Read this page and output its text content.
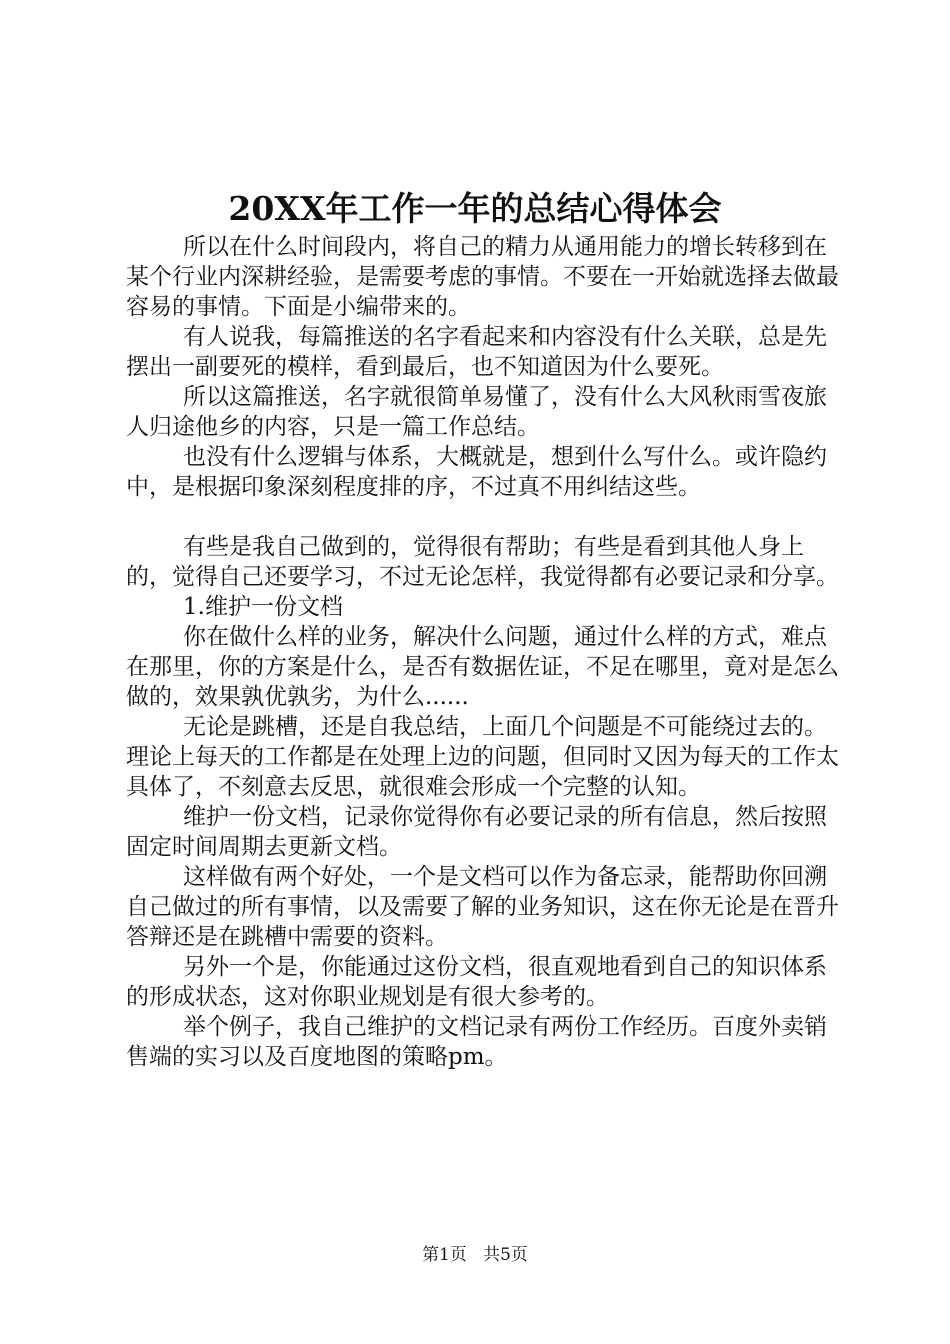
20XX年工作一年的总结心得体会

所以在什么时间段内，将自己的精力从通用能力的增长转移到在某个行业内深耕经验，是需要考虑的事情。不要在一开始就选择去做最容易的事情。下面是小编带来的。

有人说我，每篇推送的名字看起来和内容没有什么关联，总是先摆出一副要死的模样，看到最后，也不知道因为什么要死。

所以这篇推送，名字就很简单易懂了，没有什么大风秋雨雪夜旅人归途他乡的内容，只是一篇工作总结。

也没有什么逻辑与体系，大概就是，想到什么写什么。或许隐约中，是根据印象深刻程度排的序，不过真不用纠结这些。

有些是我自己做到的，觉得很有帮助；有些是看到其他人身上的，觉得自己还要学习，不过无论怎样，我觉得都有必要记录和分享。

1.维护一份文档

你在做什么样的业务，解决什么问题，通过什么样的方式，难点在那里，你的方案是什么，是否有数据佐证，不足在哪里，竟对是怎么做的，效果孰优孰劣，为什么......

无论是跳槽，还是自我总结，上面几个问题是不可能绕过去的。理论上每天的工作都是在处理上边的问题，但同时又因为每天的工作太具体了，不刻意去反思，就很难会形成一个完整的认知。

维护一份文档，记录你觉得你有必要记录的所有信息，然后按照固定时间周期去更新文档。

这样做有两个好处，一个是文档可以作为备忘录，能帮助你回溯自己做过的所有事情，以及需要了解的业务知识，这在你无论是在晋升答辩还是在跳槽中需要的资料。

另外一个是，你能通过这份文档，很直观地看到自己的知识体系的形成状态，这对你职业规划是有很大参考的。

举个例子，我自己维护的文档记录有两份工作经历。百度外卖销售端的实习以及百度地图的策略pm。

第1页 共5页
